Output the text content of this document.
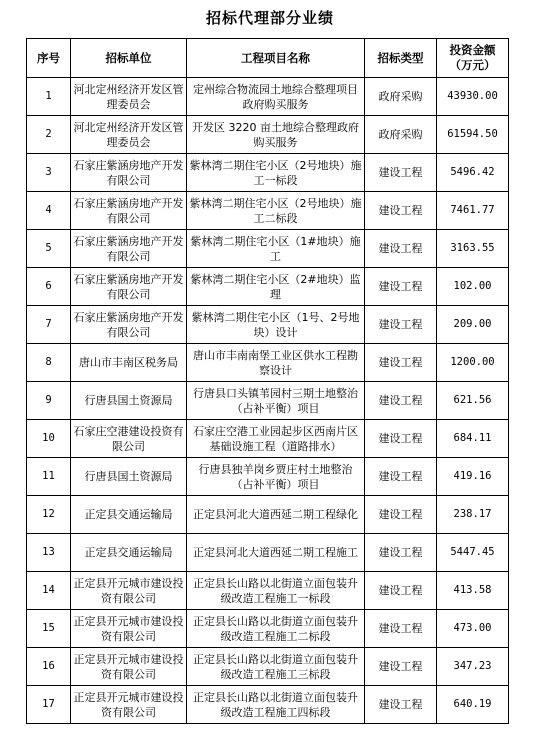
招标代理部分业绩
序号	招标单位	工程项目名称	招标类型	投资金额
（万元）

1	河北定州经济开发区管理委员会	定州综合物流园土地综合整理项目政府购买服务	政府采购	43930.00
2	河北定州经济开发区管理委员会	开发区 3220 亩土地综合整理政府购买服务	政府采购	61594.50
3	石家庄紫涵房地产开发有限公司	紫林湾二期住宅小区（2号地块）施工一标段	建设工程	5496.42
4	石家庄紫涵房地产开发有限公司	紫林湾二期住宅小区（2号地块）施工二标段	建设工程	7461.77
5	石家庄紫涵房地产开发有限公司	紫林湾二期住宅小区（1#地块）施工	建设工程	3163.55
6	石家庄紫涵房地产开发有限公司	紫林湾二期住宅小区（2#地块）监理	建设工程	102.00
7	石家庄紫涵房地产开发有限公司	紫林湾二期住宅小区（1号、2号地块）设计	建设工程	209.00
8	唐山市丰南区税务局	唐山市丰南南堡工业区供水工程勘察设计	建设工程	1200.00
9	行唐县国土资源局	行唐县口头镇苇园村三期土地整治（占补平衡）项目	建设工程	621.56
10	石家庄空港建设投资有限公司	石家庄空港工业园起步区西南片区基础设施工程（道路排水）	建设工程	684.11
11	行唐县国土资源局	行唐县独羊岗乡贾庄村土地整治（占补平衡）项目	建设工程	419.16
12	正定县交通运输局	正定县河北大道西延二期工程绿化	建设工程	238.17
13	正定县交通运输局	正定县河北大道西延二期工程施工	建设工程	5447.45
14	正定县开元城市建设投资有限公司	正定县长山路以北街道立面包装升级改造工程施工一标段	建设工程	413.58
15	正定县开元城市建设投资有限公司	正定县长山路以北街道立面包装升级改造工程施工二标段	建设工程	473.00
16	正定县开元城市建设投资有限公司	正定县长山路以北街道立面包装升级改造工程施工三标段	建设工程	347.23
17	正定县开元城市建设投资有限公司	正定县长山路以北街道立面包装升级改造工程施工四标段	建设工程	640.19
